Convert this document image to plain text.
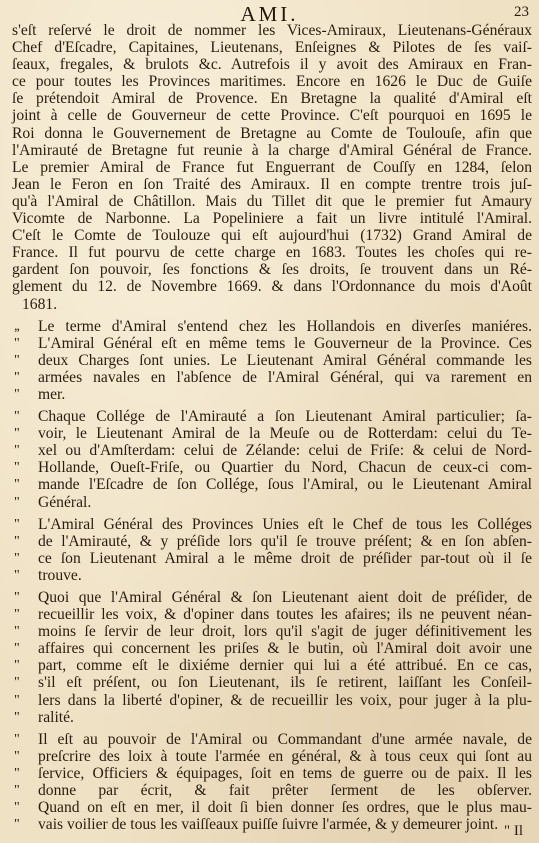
AMI.	23
s'eſt reſervé le droit de nommer les Vices-Amiraux, Lieutenans-Généraux
Chef d'Eſcadre, Capitaines, Lieutenans, Enſeignes & Pilotes de ſes vaiſ-
ſeaux, fregales, & brulots &c. Autrefois il y avoit des Amiraux en Fran-
ce pour toutes les Provinces maritimes. Encore en 1626 le Duc de Guiſe
ſe prétendoit Amiral de Provence. En Bretagne la qualité d'Amiral eſt
joint à celle de Gouverneur de cette Province. C'eſt pourquoi en 1695 le
Roi donna le Gouvernement de Bretagne au Comte de Toulouſe, afin que
l'Amirauté de Bretagne fut reunie à la charge d'Amiral Général de France.
Le premier Amiral de France fut Enguerrant de Couſſy en 1284, ſelon
Jean le Feron en ſon Traité des Amiraux. Il en compte trentre trois juſ-
qu'à l'Amiral de Châtillon. Mais du Tillet dit que le premier fut Amaury
Vicomte de Narbonne. La Popeliniere a fait un livre intitulé l'Amiral.
C'eſt le Comte de Toulouze qui eſt aujourd'hui (1732) Grand Amiral de
France. Il fut pourvu de cette charge en 1683. Toutes les choſes qui re-
gardent ſon pouvoir, ſes fonctions & ſes droits, ſe trouvent dans un Ré-
glement du 12. de Novembre 1669. & dans l'Ordonnance du mois d'Août
1681.
,,	Le terme d'Amiral s'entend chez les Hollandois en diverſes maniéres.
"	L'Amiral Général eſt en même tems le Gouverneur de la Province. Ces
"	deux Charges ſont unies. Le Lieutenant Amiral Général commande les
"	armées navales en l'abſence de l'Amiral Général, qui va rarement en
"	mer.
"	Chaque Collége de l'Amirauté a ſon Lieutenant Amiral particulier; ſa-
"	voir, le Lieutenant Amiral de la Meuſe ou de Rotterdam: celui du Te-
"	xel ou d'Amſterdam: celui de Zélande: celui de Friſe: & celui de Nord-
"	Hollande, Oueſt-Friſe, ou Quartier du Nord, Chacun de ceux-ci com-
"	mande l'Eſcadre de ſon Collége, ſous l'Amiral, ou le Lieutenant Amiral
"	Général.
"	L'Amiral Général des Provinces Unies eſt le Chef de tous les Colléges
"	de l'Amirauté, & y préſide lors qu'il ſe trouve préſent; & en ſon abſen-
"	ce ſon Lieutenant Amiral a le même droit de préſider par-tout où il ſe
"	trouve.
"	Quoi que l'Amiral Général & ſon Lieutenant aient doit de préſider, de
"	recueillir les voix, & d'opiner dans toutes les afaires; ils ne peuvent néan-
"	moins ſe ſervir de leur droit, lors qu'il s'agit de juger définitivement les
"	affaires qui concernent les priſes & le butin, où l'Amiral doit avoir une
"	part, comme eſt le dixiéme dernier qui lui a été attribué. En ce cas,
"	s'il eſt préſent, ou ſon Lieutenant, ils ſe retirent, laiſſant les Conſeil-
"	lers dans la liberté d'opiner, & de recueillir les voix, pour juger à la plu-
"	ralité.
"	Il eſt au pouvoir de l'Amiral ou Commandant d'une armée navale, de
"	preſcrire des loix à toute l'armée en général, & à tous ceux qui ſont au
"	ſervice, Officiers & équipages, ſoit en tems de guerre ou de paix. Il les
"	donne par écrit, & fait prêter ſerment de les obſerver.
"	Quand on eſt en mer, il doit ſi bien donner ſes ordres, que le plus mau-
"	vais voilier de tous les vaiſſeaux puiſſe ſuivre l'armée, & y demeurer joint. " Il
